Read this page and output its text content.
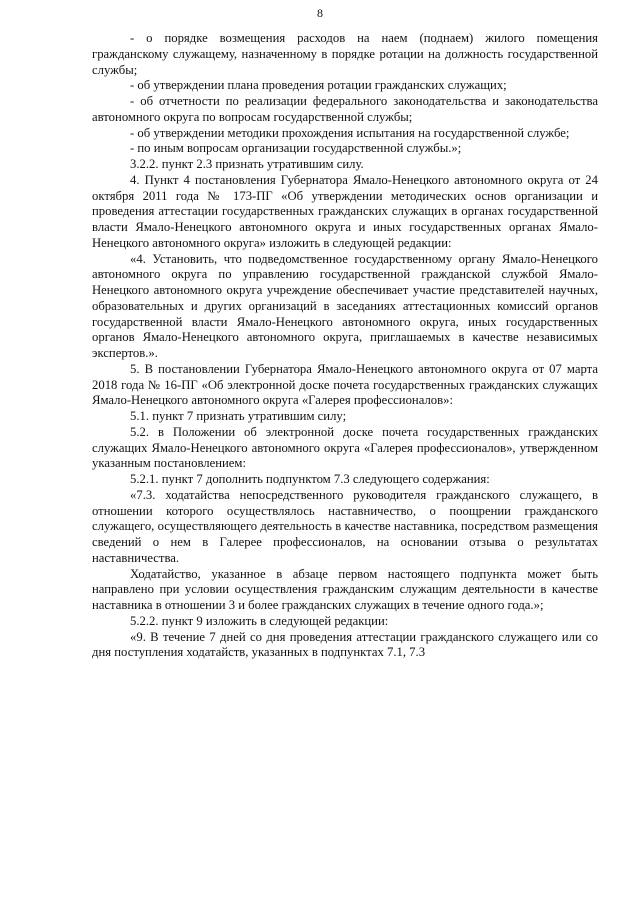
8

- о порядке возмещения расходов на наем (поднаем) жилого помещения гражданскому служащему, назначенному в порядке ротации на должность государственной службы;

- об утверждении плана проведения ротации гражданских служащих;

- об отчетности по реализации федерального законодательства и законодательства автономного округа по вопросам государственной службы;

- об утверждении методики прохождения испытания на государственной службе;

- по иным вопросам организации государственной службы.»;

3.2.2. пункт 2.3 признать утратившим силу.

4. Пункт 4 постановления Губернатора Ямало-Ненецкого автономного округа от 24 октября 2011 года № 173-ПГ «Об утверждении методических основ организации и проведения аттестации государственных гражданских служащих в органах государственной власти Ямало-Ненецкого автономного округа и иных государственных органах Ямало-Ненецкого автономного округа» изложить в следующей редакции:

«4. Установить, что подведомственное государственному органу Ямало-Ненецкого автономного округа по управлению государственной гражданской службой Ямало-Ненецкого автономного округа учреждение обеспечивает участие представителей научных, образовательных и других организаций в заседаниях аттестационных комиссий органов государственной власти Ямало-Ненецкого автономного округа, иных государственных органов Ямало-Ненецкого автономного округа, приглашаемых в качестве независимых экспертов.».

5. В постановлении Губернатора Ямало-Ненецкого автономного округа от 07 марта 2018 года № 16-ПГ «Об электронной доске почета государственных гражданских служащих Ямало-Ненецкого автономного округа «Галерея профессионалов»:

5.1. пункт 7 признать утратившим силу;

5.2. в Положении об электронной доске почета государственных гражданских служащих Ямало-Ненецкого автономного округа «Галерея профессионалов», утвержденном указанным постановлением:

5.2.1. пункт 7 дополнить подпунктом 7.3 следующего содержания:

«7.3. ходатайства непосредственного руководителя гражданского служащего, в отношении которого осуществлялось наставничество, о поощрении гражданского служащего, осуществляющего деятельность в качестве наставника, посредством размещения сведений о нем в Галерее профессионалов, на основании отзыва о результатах наставничества.

Ходатайство, указанное в абзаце первом настоящего подпункта может быть направлено при условии осуществления гражданским служащим деятельности в качестве наставника в отношении 3 и более гражданских служащих в течение одного года.»;

5.2.2. пункт 9 изложить в следующей редакции:

«9. В течение 7 дней со дня проведения аттестации гражданского служащего или со дня поступления ходатайств, указанных в подпунктах 7.1, 7.3
